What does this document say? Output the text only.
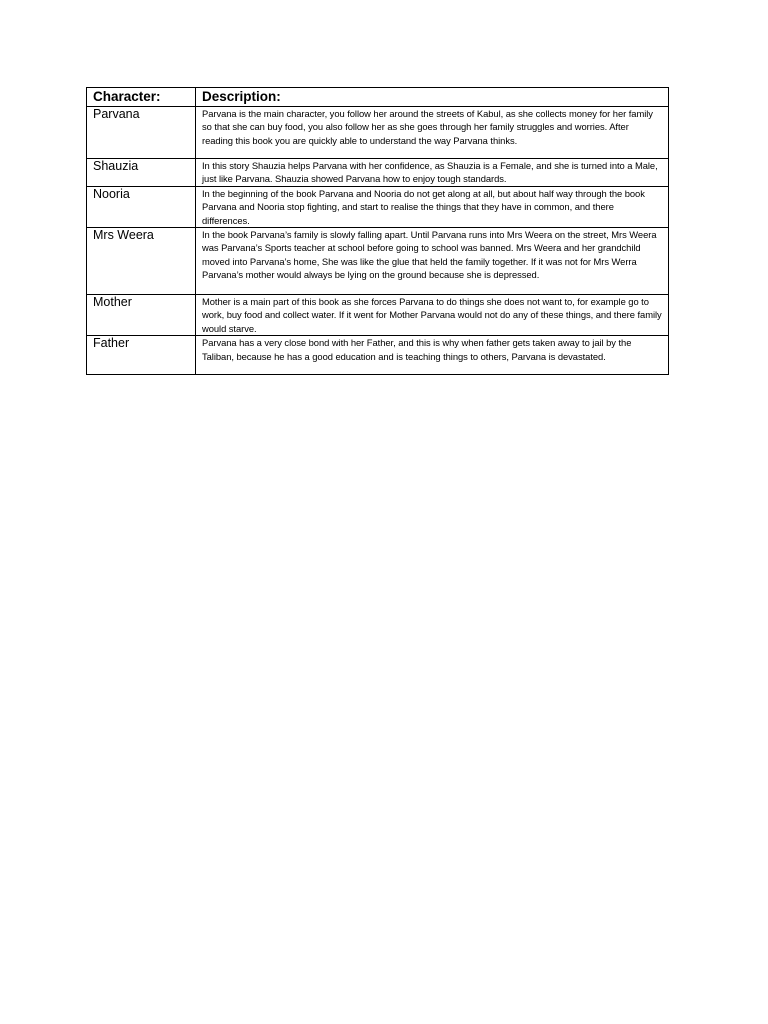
Character:	Description:
Parvana	Parvana is the main character, you follow her around the streets of Kabul, as she collects money for her family so that she can buy food, you also follow her as she goes through her family struggles and worries. After reading this book you are quickly able to understand the way Parvana thinks.
Shauzia	In this story Shauzia helps Parvana with her confidence, as Shauzia is a Female, and she is turned into a Male, just like Parvana. Shauzia showed Parvana how to enjoy tough standards.
Nooria	In the beginning of the book Parvana and Nooria do not get along at all, but about half way through the book Parvana and Nooria stop fighting, and start to realise the things that they have in common, and there differences.
Mrs Weera	In the book Parvana’s family is slowly falling apart. Until Parvana runs into Mrs Weera on the street, Mrs Weera was Parvana’s Sports teacher at school before going to school was banned. Mrs Weera and her grandchild moved into Parvana’s home, She was like the glue that held the family together. If it was not for Mrs Werra Parvana’s mother would always be lying on the ground because she is depressed.
Mother	Mother is a main part of this book as she forces Parvana to do things she does not want to, for example go to work, buy food and collect water. If it went for Mother Parvana would not do any of these things, and there family would starve.
Father	Parvana has a very close bond with her Father, and this is why when father gets taken away to jail by the Taliban, because he has a good education and is teaching things to others, Parvana is devastated.
